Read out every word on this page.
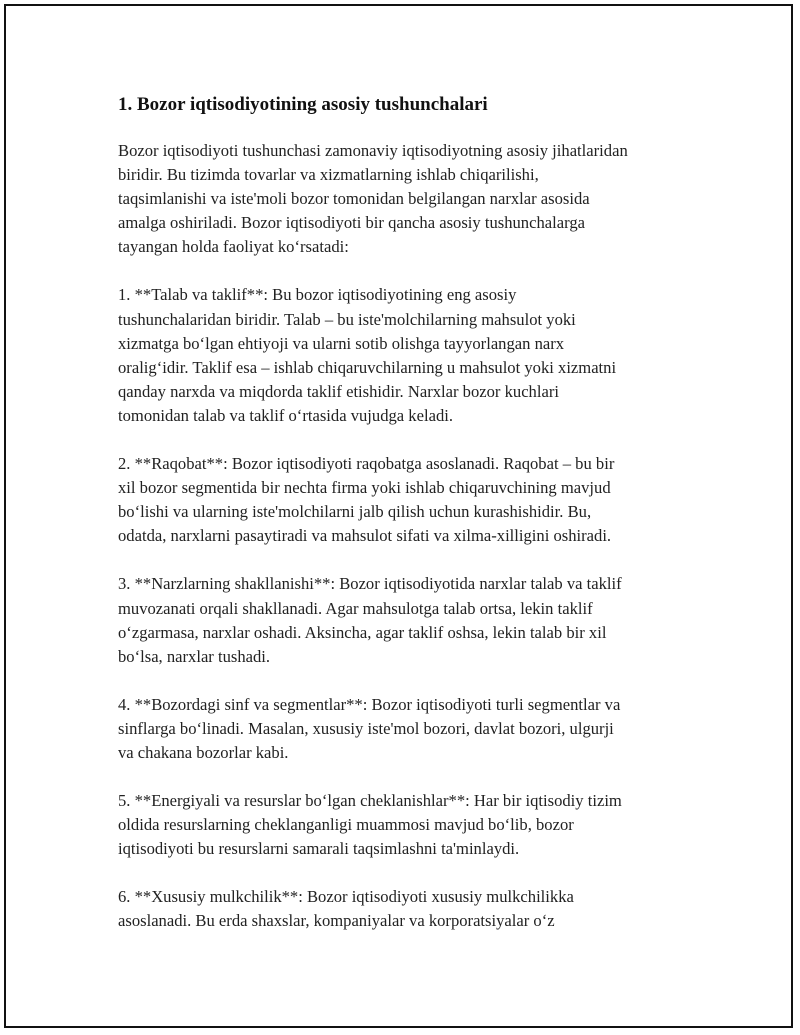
1. Bozor iqtisodiyotining asosiy tushunchalari

Bozor iqtisodiyoti tushunchasi zamonaviy iqtisodiyotning asosiy jihatlaridan
biridir. Bu tizimda tovarlar va xizmatlarning ishlab chiqarilishi,
taqsimlanishi va iste'moli bozor tomonidan belgilangan narxlar asosida
amalga oshiriladi. Bozor iqtisodiyoti bir qancha asosiy tushunchalarga
tayangan holda faoliyat ko‘rsatadi:

1. **Talab va taklif**: Bu bozor iqtisodiyotining eng asosiy
tushunchalaridan biridir. Talab – bu iste'molchilarning mahsulot yoki
xizmatga bo‘lgan ehtiyoji va ularni sotib olishga tayyorlangan narx
oralig‘idir. Taklif esa – ishlab chiqaruvchilarning u mahsulot yoki xizmatni
qanday narxda va miqdorda taklif etishidir. Narxlar bozor kuchlari
tomonidan talab va taklif o‘rtasida vujudga keladi.

2. **Raqobat**: Bozor iqtisodiyoti raqobatga asoslanadi. Raqobat – bu bir
xil bozor segmentida bir nechta firma yoki ishlab chiqaruvchining mavjud
bo‘lishi va ularning iste'molchilarni jalb qilish uchun kurashishidir. Bu,
odatda, narxlarni pasaytiradi va mahsulot sifati va xilma-xilligini oshiradi.

3. **Narzlarning shakllanishi**: Bozor iqtisodiyotida narxlar talab va taklif
muvozanati orqali shakllanadi. Agar mahsulotga talab ortsa, lekin taklif
o‘zgarmasa, narxlar oshadi. Aksincha, agar taklif oshsa, lekin talab bir xil
bo‘lsa, narxlar tushadi.

4. **Bozordagi sinf va segmentlar**: Bozor iqtisodiyoti turli segmentlar va
sinflarga bo‘linadi. Masalan, xususiy iste'mol bozori, davlat bozori, ulgurji
va chakana bozorlar kabi.

5. **Energiyali va resurslar bo‘lgan cheklanishlar**: Har bir iqtisodiy tizim
oldida resurslarning cheklanganligi muammosi mavjud bo‘lib, bozor
iqtisodiyoti bu resurslarni samarali taqsimlashni ta'minlaydi.

6. **Xususiy mulkchilik**: Bozor iqtisodiyoti xususiy mulkchilikka
asoslanadi. Bu erda shaxslar, kompaniyalar va korporatsiyalar o‘z
